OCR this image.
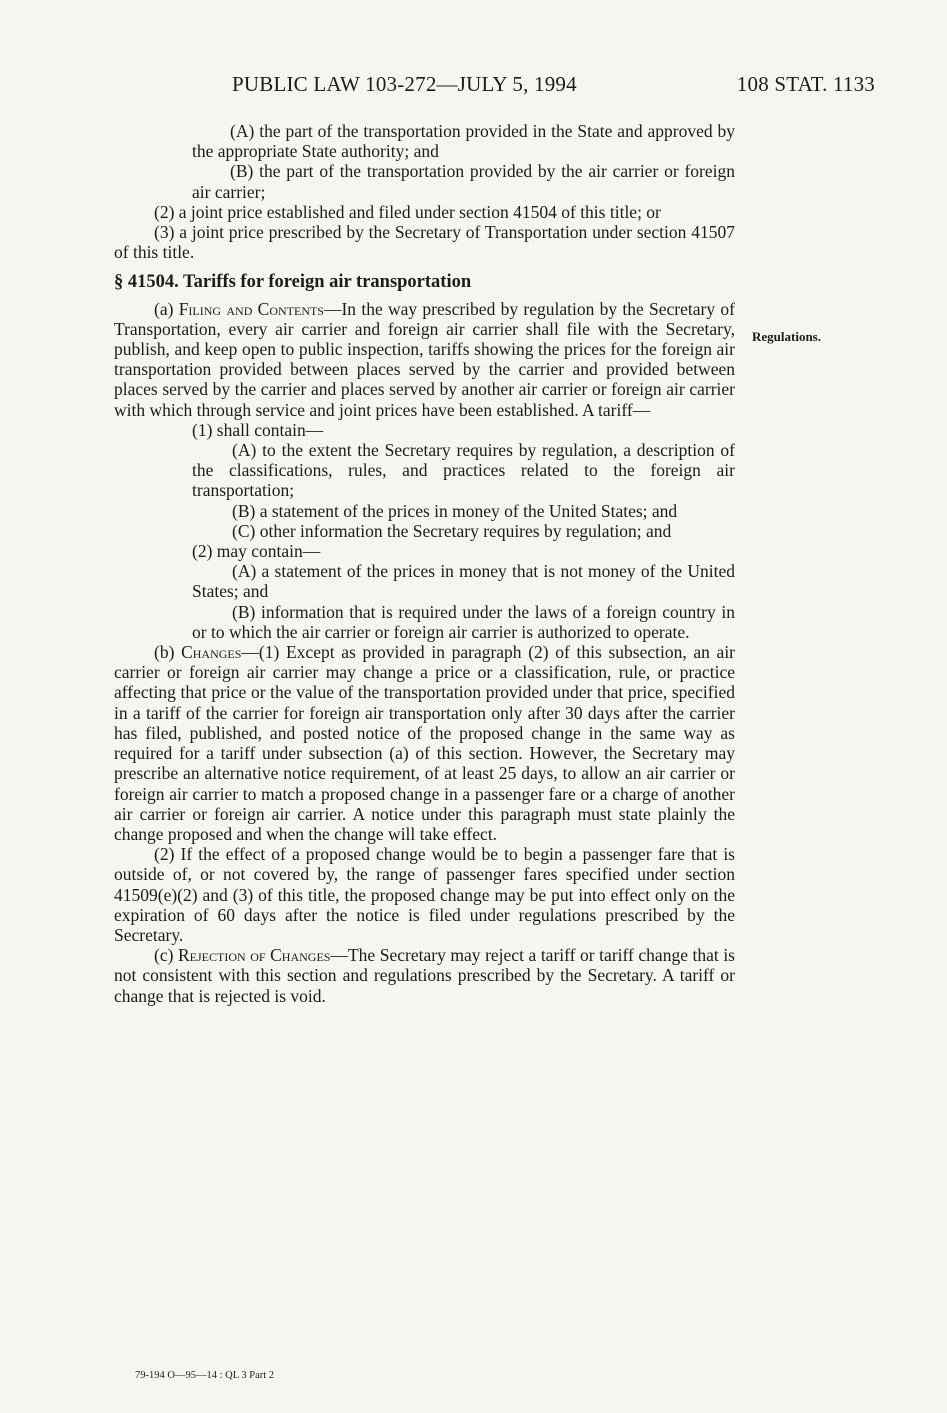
PUBLIC LAW 103-272—JULY 5, 1994	108 STAT. 1133
Regulations.

(A) the part of the transportation provided in the State and approved by the appropriate State authority; and

(B) the part of the transportation provided by the air carrier or foreign air carrier;

(2) a joint price established and filed under section 41504 of this title; or

(3) a joint price prescribed by the Secretary of Transportation under section 41507 of this title.

§ 41504. Tariffs for foreign air transportation

(a) Filing and Contents—In the way prescribed by regulation by the Secretary of Transportation, every air carrier and foreign air carrier shall file with the Secretary, publish, and keep open to public inspection, tariffs showing the prices for the foreign air transportation provided between places served by the carrier and provided between places served by the carrier and places served by another air carrier or foreign air carrier with which through service and joint prices have been established. A tariff—

(1) shall contain—

(A) to the extent the Secretary requires by regulation, a description of the classifications, rules, and practices related to the foreign air transportation;

(B) a statement of the prices in money of the United States; and

(C) other information the Secretary requires by regulation; and

(2) may contain—

(A) a statement of the prices in money that is not money of the United States; and

(B) information that is required under the laws of a foreign country in or to which the air carrier or foreign air carrier is authorized to operate.

(b) Changes—(1) Except as provided in paragraph (2) of this subsection, an air carrier or foreign air carrier may change a price or a classification, rule, or practice affecting that price or the value of the transportation provided under that price, specified in a tariff of the carrier for foreign air transportation only after 30 days after the carrier has filed, published, and posted notice of the proposed change in the same way as required for a tariff under subsection (a) of this section. However, the Secretary may prescribe an alternative notice requirement, of at least 25 days, to allow an air carrier or foreign air carrier to match a proposed change in a passenger fare or a charge of another air carrier or foreign air carrier. A notice under this paragraph must state plainly the change proposed and when the change will take effect.

(2) If the effect of a proposed change would be to begin a passenger fare that is outside of, or not covered by, the range of passenger fares specified under section 41509(e)(2) and (3) of this title, the proposed change may be put into effect only on the expiration of 60 days after the notice is filed under regulations prescribed by the Secretary.

(c) Rejection of Changes—The Secretary may reject a tariff or tariff change that is not consistent with this section and regulations prescribed by the Secretary. A tariff or change that is rejected is void.

79-194 O—95—14 : QL 3 Part 2
